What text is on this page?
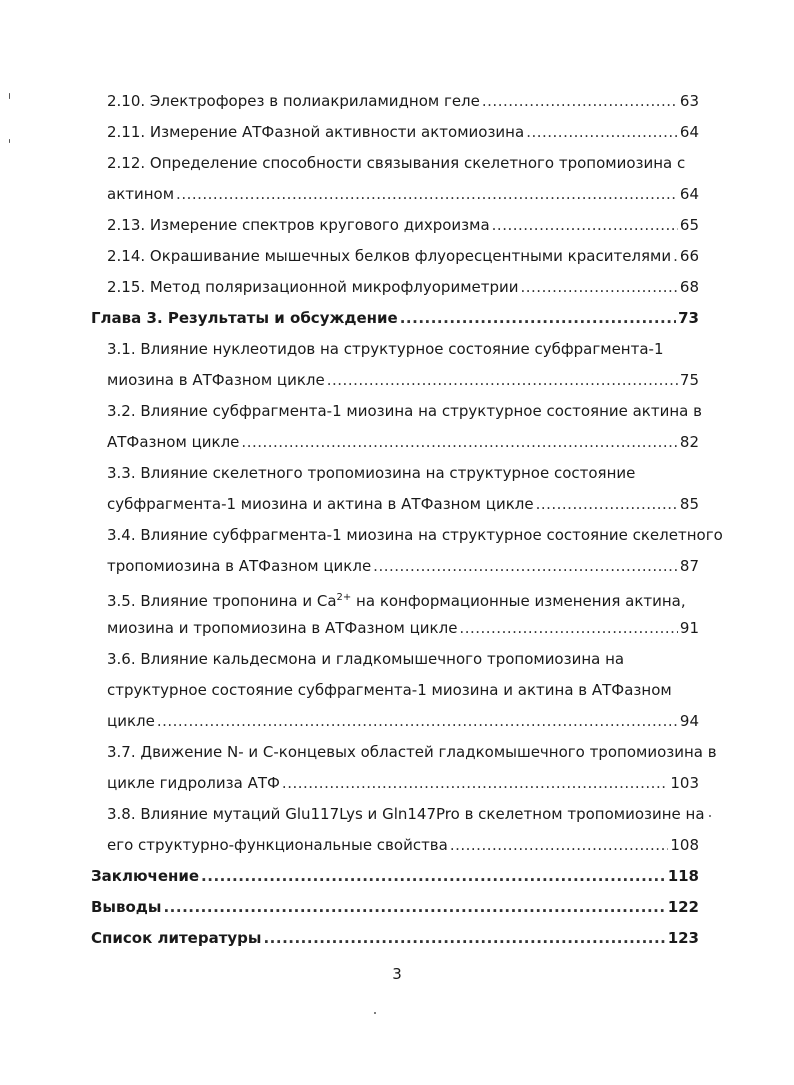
2.10. Электрофорез в полиакриламидном геле .....	63
2.11. Измерение АТФазной активности актомиозина .....	64
2.12. Определение способности связывания скелетного тропомиозина с
актином .....	64
2.13. Измерение спектров кругового дихроизма .....	65
2.14. Окрашивание мышечных белков флуоресцентными красителями ..... 66
2.15. Метод поляризационной микрофлуориметрии .....	68
Глава 3. Результаты и обсуждение .....	73
3.1. Влияние нуклеотидов на структурное состояние субфрагмента-1
миозина в АТФазном цикле .....	75
3.2. Влияние субфрагмента-1 миозина на структурное состояние актина в
АТФазном цикле .....	82
3.3. Влияние скелетного тропомиозина на структурное состояние
субфрагмента-1 миозина и актина в АТФазном цикле .....	85
3.4. Влияние субфрагмента-1 миозина на структурное состояние скелетного
тропомиозина в АТФазном цикле .....	87
3.5. Влияние тропонина и $Ca^{2+}$ на конформационные изменения актина,
миозина и тропомиозина в АТФазном цикле .....	91
3.6. Влияние кальдесмона и гладкомышечного тропомиозина на
структурное состояние субфрагмента-1 миозина и актина в АТФазном
цикле .....	94
3.7. Движение N- и C-концевых областей гладкомышечного тропомиозина в
цикле гидролиза АТФ .....	103
3.8. Влияние мутаций Glu117Lys и Gln147Pro в скелетном тропомиозине на
его структурно-функциональные свойства .....	108
Заключение .....	118
Выводы .....	122
Список литературы .....	123
3
